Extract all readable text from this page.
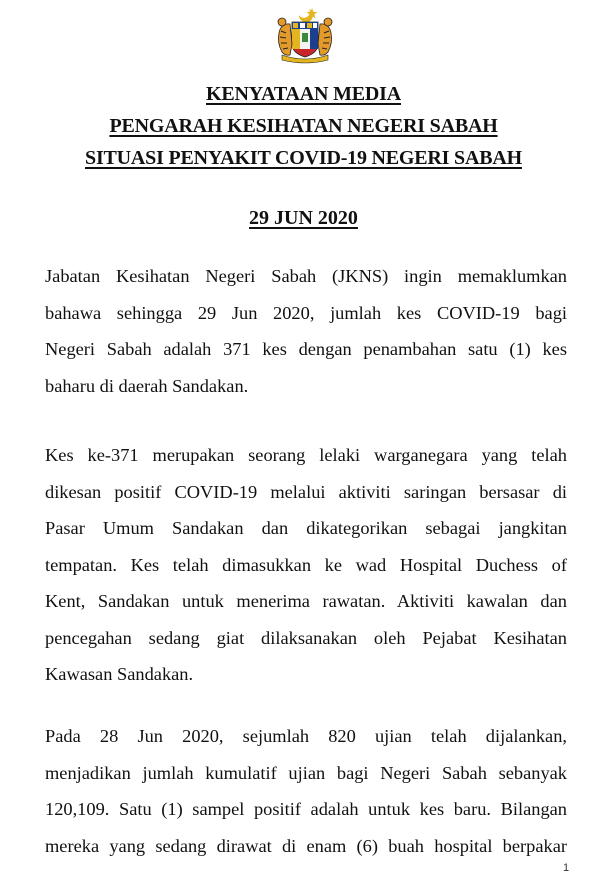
KENYATAAN MEDIA
PENGARAH KESIHATAN NEGERI SABAH
SITUASI PENYAKIT COVID-19 NEGERI SABAH
29 JUN 2020
Jabatan Kesihatan Negeri Sabah (JKNS) ingin memaklumkan
bahawa sehingga 29 Jun 2020, jumlah kes COVID-19 bagi
Negeri Sabah adalah 371 kes dengan penambahan satu (1) kes
baharu di daerah Sandakan.
Kes ke-371 merupakan seorang lelaki warganegara yang telah
dikesan positif COVID-19 melalui aktiviti saringan bersasar di
Pasar Umum Sandakan dan dikategorikan sebagai jangkitan
tempatan. Kes telah dimasukkan ke wad Hospital Duchess of
Kent, Sandakan untuk menerima rawatan. Aktiviti kawalan dan
pencegahan sedang giat dilaksanakan oleh Pejabat Kesihatan
Kawasan Sandakan.
Pada 28 Jun 2020, sejumlah 820 ujian telah dijalankan,
menjadikan jumlah kumulatif ujian bagi Negeri Sabah sebanyak
120,109. Satu (1) sampel positif adalah untuk kes baru. Bilangan
mereka yang sedang dirawat di enam (6) buah hospital berpakar
1
